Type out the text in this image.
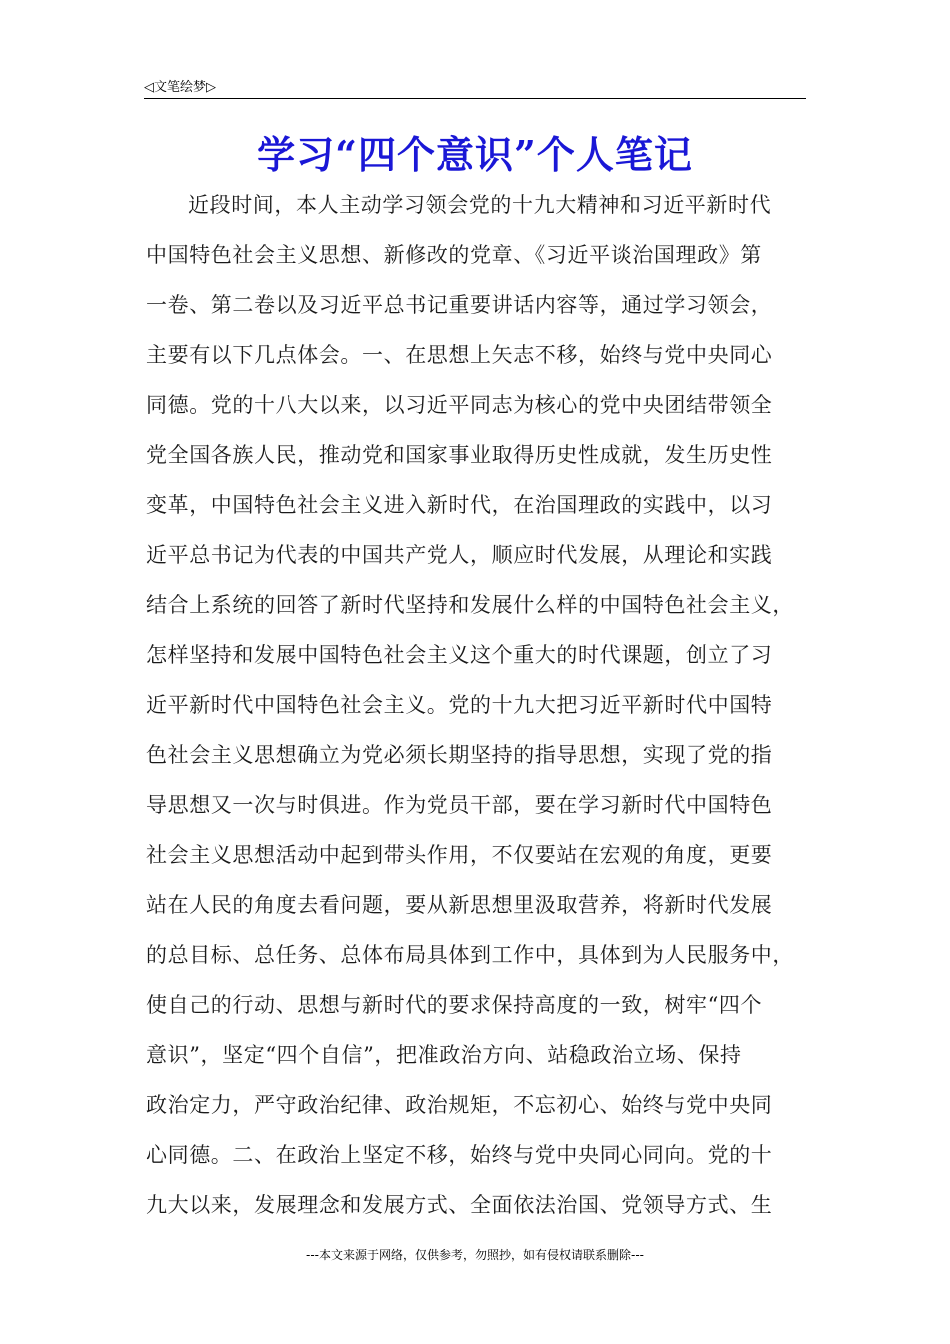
◁文笔绘梦▷
学习“四个意识”个人笔记
近段时间，本人主动学习领会党的十九大精神和习近平新时代
中国特色社会主义思想、新修改的党章、《习近平谈治国理政》第
一卷、第二卷以及习近平总书记重要讲话内容等，通过学习领会，
主要有以下几点体会。一、在思想上矢志不移，始终与党中央同心
同德。党的十八大以来，以习近平同志为核心的党中央团结带领全
党全国各族人民，推动党和国家事业取得历史性成就，发生历史性
变革，中国特色社会主义进入新时代，在治国理政的实践中，以习
近平总书记为代表的中国共产党人，顺应时代发展，从理论和实践
结合上系统的回答了新时代坚持和发展什么样的中国特色社会主义，
怎样坚持和发展中国特色社会主义这个重大的时代课题，创立了习
近平新时代中国特色社会主义。党的十九大把习近平新时代中国特
色社会主义思想确立为党必须长期坚持的指导思想，实现了党的指
导思想又一次与时俱进。作为党员干部，要在学习新时代中国特色
社会主义思想活动中起到带头作用，不仅要站在宏观的角度，更要
站在人民的角度去看问题，要从新思想里汲取营养，将新时代发展
的总目标、总任务、总体布局具体到工作中，具体到为人民服务中，
使自己的行动、思想与新时代的要求保持高度的一致，树牢“四个
意识”，坚定“四个自信”，把准政治方向、站稳政治立场、保持
政治定力，严守政治纪律、政治规矩，不忘初心、始终与党中央同
心同德。二、在政治上坚定不移，始终与党中央同心同向。党的十
九大以来，发展理念和发展方式、全面依法治国、党领导方式、生
---本文来源于网络，仅供参考，勿照抄，如有侵权请联系删除---
